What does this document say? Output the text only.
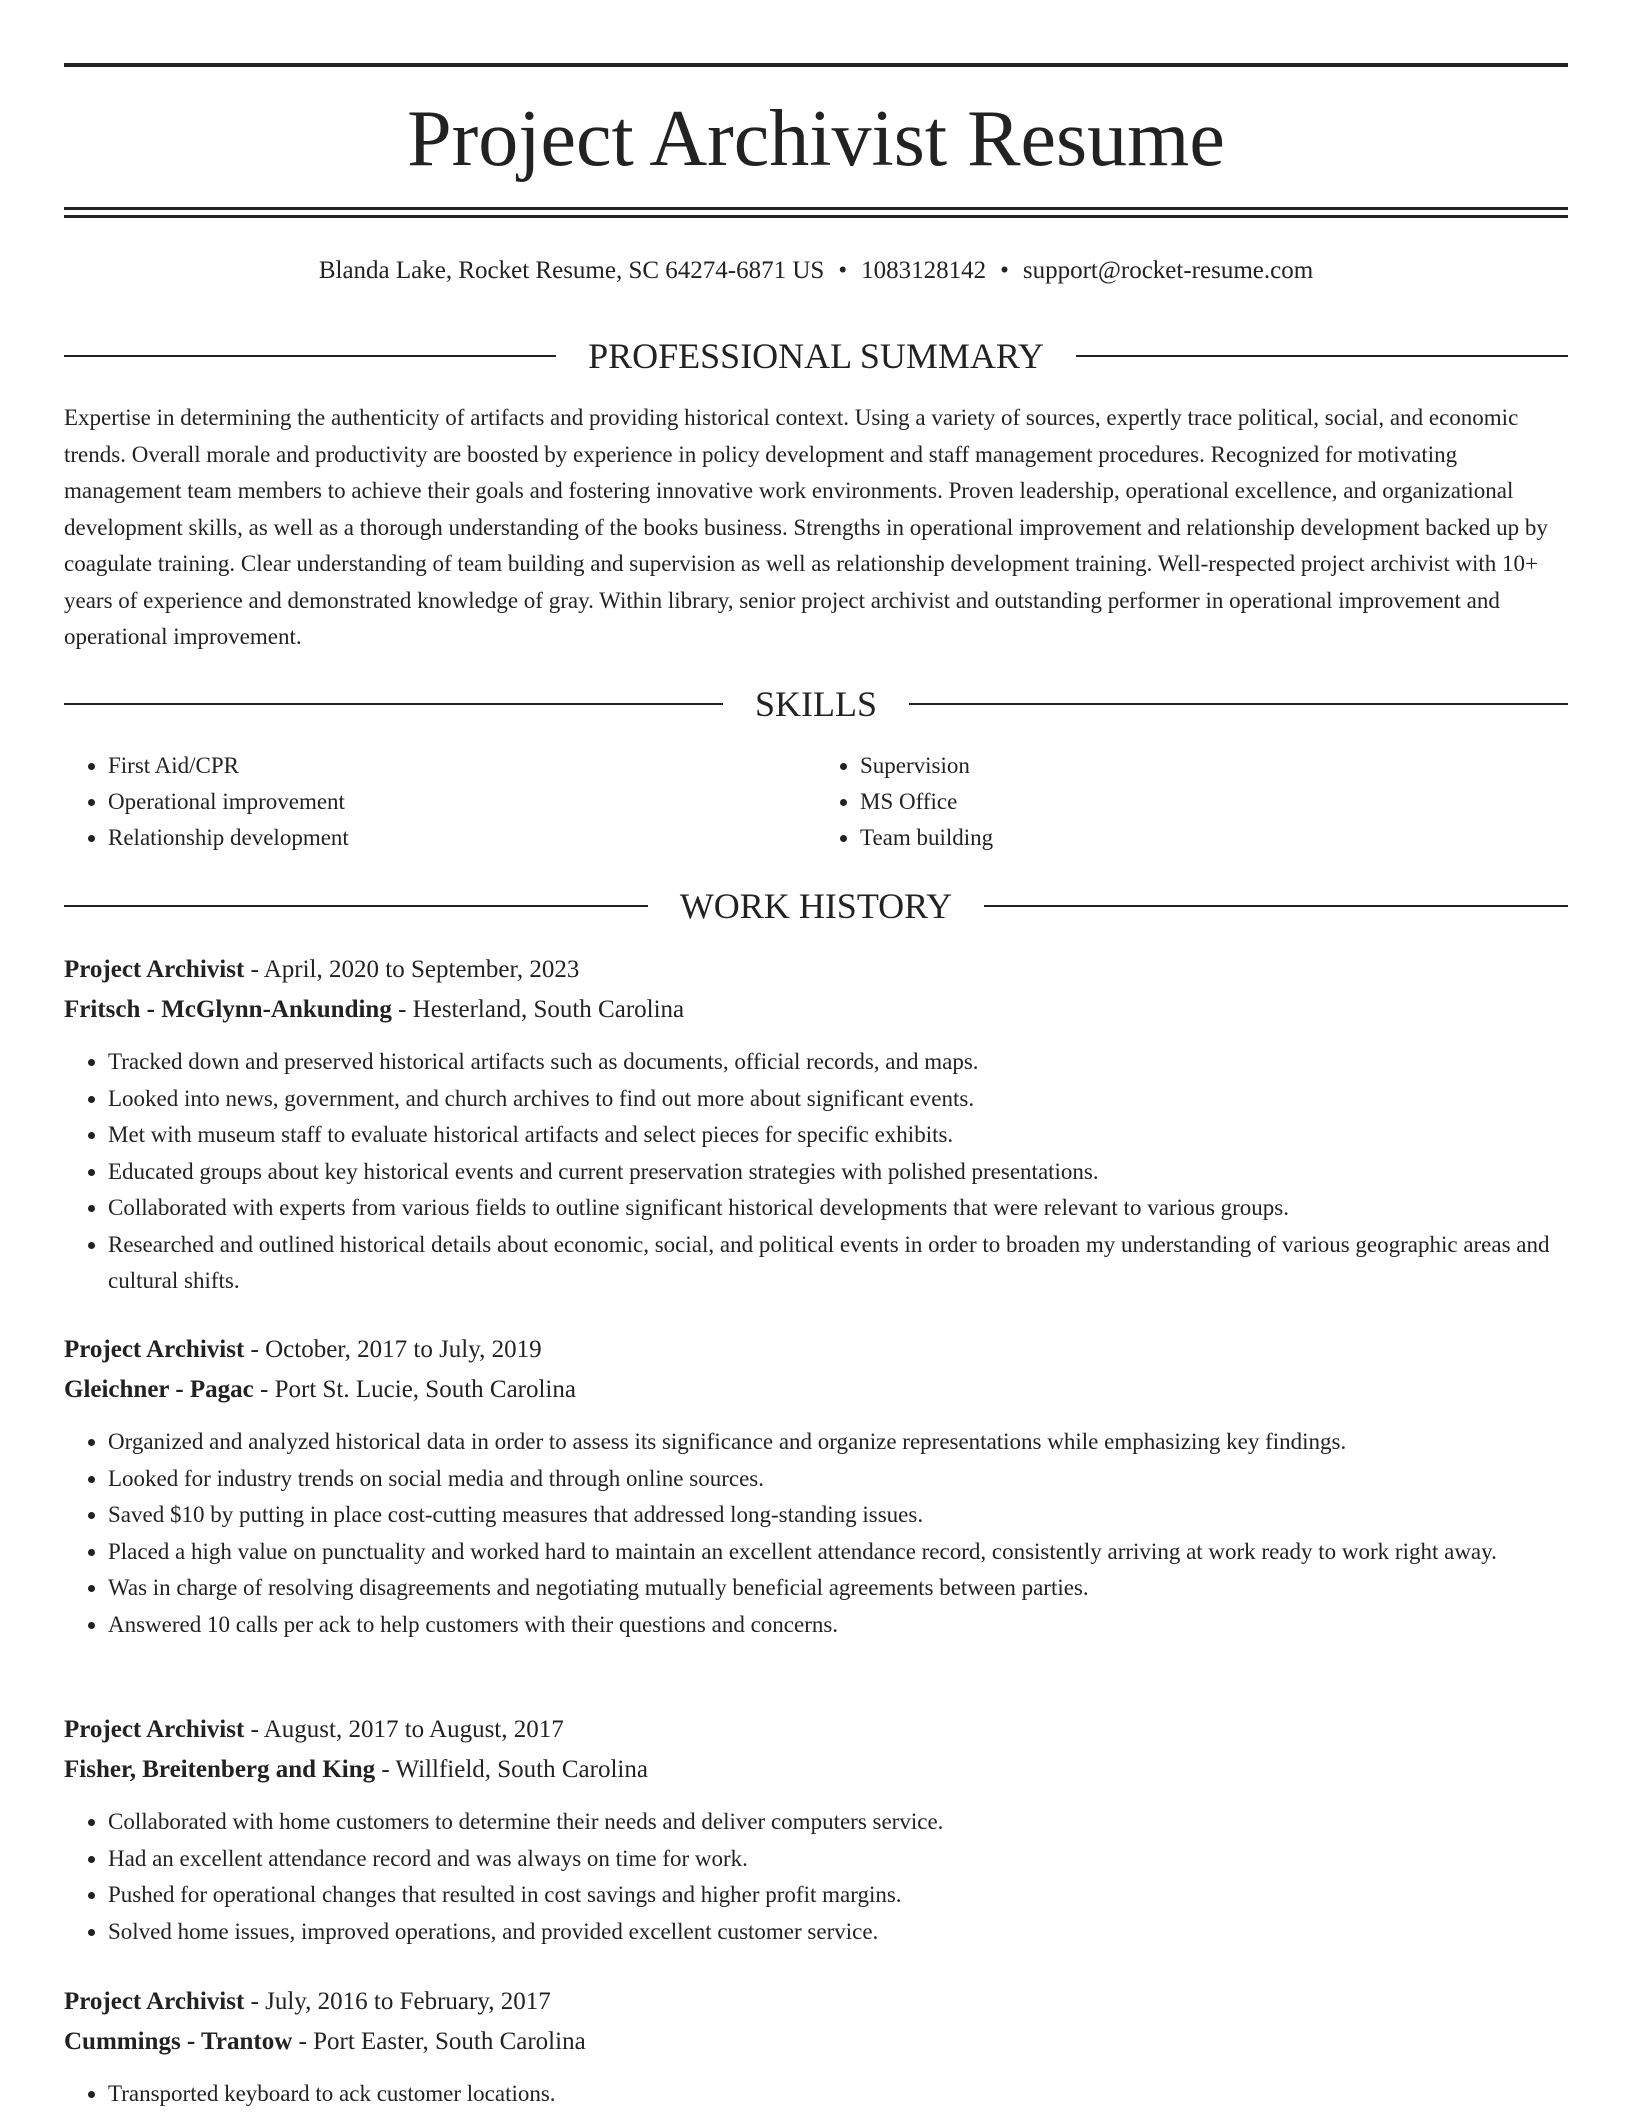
Project Archivist Resume
Blanda Lake, Rocket Resume, SC 64274-6871 US • 1083128142 • support@rocket-resume.com
PROFESSIONAL SUMMARY

Expertise in determining the authenticity of artifacts and providing historical context. Using a variety of sources, expertly trace political, social, and economic trends. Overall morale and productivity are boosted by experience in policy development and staff management procedures. Recognized for motivating management team members to achieve their goals and fostering innovative work environments. Proven leadership, operational excellence, and organizational development skills, as well as a thorough understanding of the books business. Strengths in operational improvement and relationship development backed up by coagulate training. Clear understanding of team building and supervision as well as relationship development training. Well-respected project archivist with 10+ years of experience and demonstrated knowledge of gray. Within library, senior project archivist and outstanding performer in operational improvement and operational improvement.

SKILLS
• First Aid/CPR
• Operational improvement
• Relationship development
• Supervision
• MS Office
• Team building
WORK HISTORY
Project Archivist - April, 2020 to September, 2023
Fritsch - McGlynn-Ankunding - Hesterland, South Carolina
• Tracked down and preserved historical artifacts such as documents, official records, and maps.
• Looked into news, government, and church archives to find out more about significant events.
• Met with museum staff to evaluate historical artifacts and select pieces for specific exhibits.
• Educated groups about key historical events and current preservation strategies with polished presentations.
• Collaborated with experts from various fields to outline significant historical developments that were relevant to various groups.
• Researched and outlined historical details about economic, social, and political events in order to broaden my understanding of various geographic areas and cultural shifts.
Project Archivist - October, 2017 to July, 2019
Gleichner - Pagac - Port St. Lucie, South Carolina
• Organized and analyzed historical data in order to assess its significance and organize representations while emphasizing key findings.
• Looked for industry trends on social media and through online sources.
• Saved $10 by putting in place cost-cutting measures that addressed long-standing issues.
• Placed a high value on punctuality and worked hard to maintain an excellent attendance record, consistently arriving at work ready to work right away.
• Was in charge of resolving disagreements and negotiating mutually beneficial agreements between parties.
• Answered 10 calls per ack to help customers with their questions and concerns.
Project Archivist - August, 2017 to August, 2017
Fisher, Breitenberg and King - Willfield, South Carolina
• Collaborated with home customers to determine their needs and deliver computers service.
• Had an excellent attendance record and was always on time for work.
• Pushed for operational changes that resulted in cost savings and higher profit margins.
• Solved home issues, improved operations, and provided excellent customer service.
Project Archivist - July, 2016 to February, 2017
Cummings - Trantow - Port Easter, South Carolina
• Transported keyboard to ack customer locations.
